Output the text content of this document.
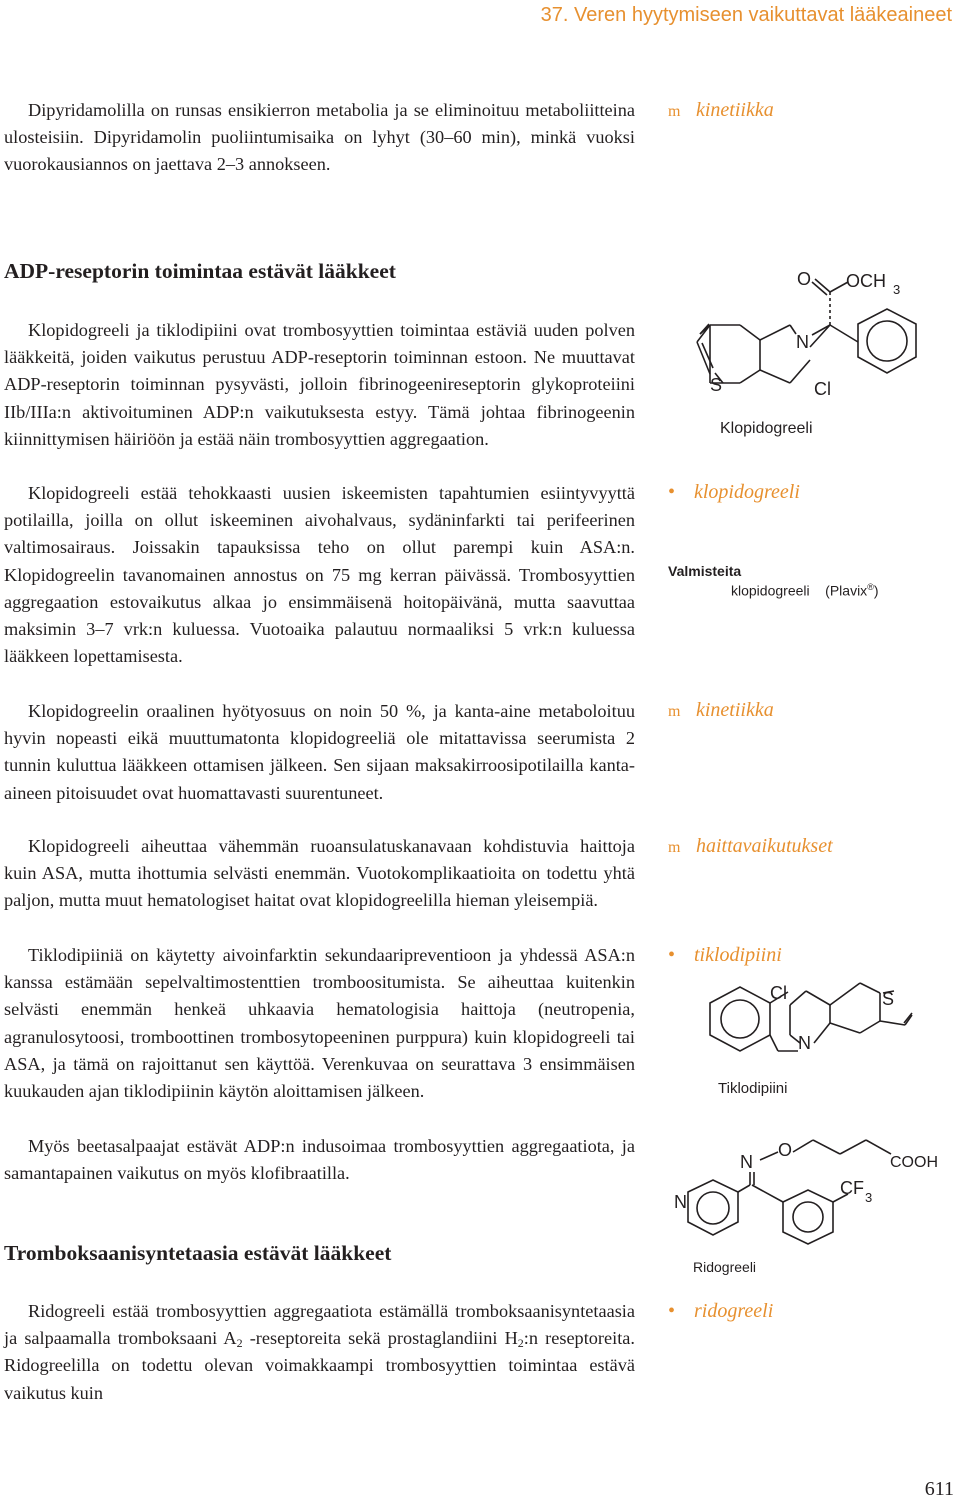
37. Veren hyytymiseen vaikuttavat lääkeaineet

Dipyridamolilla on runsas ensikierron metabolia ja se eliminoituu metaboliitteina ulosteisiin. Dipyridamolin puoliintumisaika on lyhyt (30–60 min), minkä vuoksi vuorokausiannos on jaettava 2–3 annokseen.

m kinetiikka
ADP-reseptorin toimintaa estävät lääkkeet

Klopidogreeli ja tiklodipiini ovat trombosyyttien toimintaa estäviä uuden polven lääkkeitä, joiden vaikutus perustuu ADP-reseptorin toiminnan estoon. Ne muuttavat ADP-reseptorin toiminnan pysyvästi, jolloin fibrinogeenireseptorin glykoproteiini IIb/IIIa:n aktivoituminen ADP:n vaikutuksesta estyy. Tämä johtaa fibrinogeenin kiinnittymisen häiriöön ja estää näin trombosyyttien aggregaation.

Klopidogreeli estää tehokkaasti uusien iskeemisten tapahtumien esiintyvyyttä potilailla, joilla on ollut iskeeminen aivohalvaus, sydäninfarkti tai perifeerinen valtimosairaus. Joissakin tapauksissa teho on ollut parempi kuin ASA:n. Klopidogreelin tavanomainen annostus on 75 mg kerran päivässä. Trombosyyttien aggregaation estovaikutus alkaa jo ensimmäisenä hoitopäivänä, mutta saavuttaa maksimin 3–7 vrk:n kuluessa. Vuotoaika palautuu normaaliksi 5 vrk:n kuluessa lääkkeen lopettamisesta.

Klopidogreelin oraalinen hyötyosuus on noin 50 %, ja kanta-aine metaboloituu hyvin nopeasti eikä muuttumatonta klopidogreeliä ole mitattavissa seerumista 2 tunnin kuluttua lääkkeen ottamisen jälkeen. Sen sijaan maksakirroosipotilailla kanta-aineen pitoisuudet ovat huomattavasti suurentuneet.

Klopidogreeli aiheuttaa vähemmän ruoansulatuskanavaan kohdistuvia haittoja kuin ASA, mutta ihottumia selvästi enemmän. Vuotokomplikaatioita on todettu yhtä paljon, mutta muut hematologiset haitat ovat klopidogreelilla hieman yleisempiä.

Tiklodipiiniä on käytetty aivoinfarktin sekundaaripreventioon ja yhdessä ASA:n kanssa estämään sepelvaltimostenttien tromboositumista. Se aiheuttaa kuitenkin selvästi enemmän henkeä uhkaavia hematologisia haittoja (neutropenia, agranulosytoosi, tromboottinen trombosytopeeninen purppura) kuin klopidogreeli tai ASA, ja tämä on rajoittanut sen käyttöä. Verenkuvaa on seurattava 3 ensimmäisen kuukauden ajan tiklodipiinin käytön aloittamisen jälkeen.

Myös beetasalpaajat estävät ADP:n indusoimaa trombosyyttien aggregaatiota, ja samantapainen vaikutus on myös klofibraatilla.

Tromboksaanisyntetaasia estävät lääkkeet

Ridogreeli estää trombosyyttien aggregaatiota estämällä tromboksaanisyntetaasia ja salpaamalla tromboksaani $A_2$ -reseptoreita sekä prostaglandiini $H_2:n$ reseptoreita. Ridogreelilla on todettu olevan voimakkaampi trombosyyttien toimintaa estävä vaikutus kuin

O OCH 3
N
S	Cl
Klopidogreeli
• klopidogreeli
Valmisteita
klopidogreeli (Plavix®)
m kinetiikka
m haittavaikutukset
• tiklodipiini
Cl	S
N
Tiklodipiini
N
O
COOH
N
CF 3
Ridogreeli
• ridogreeli
611
